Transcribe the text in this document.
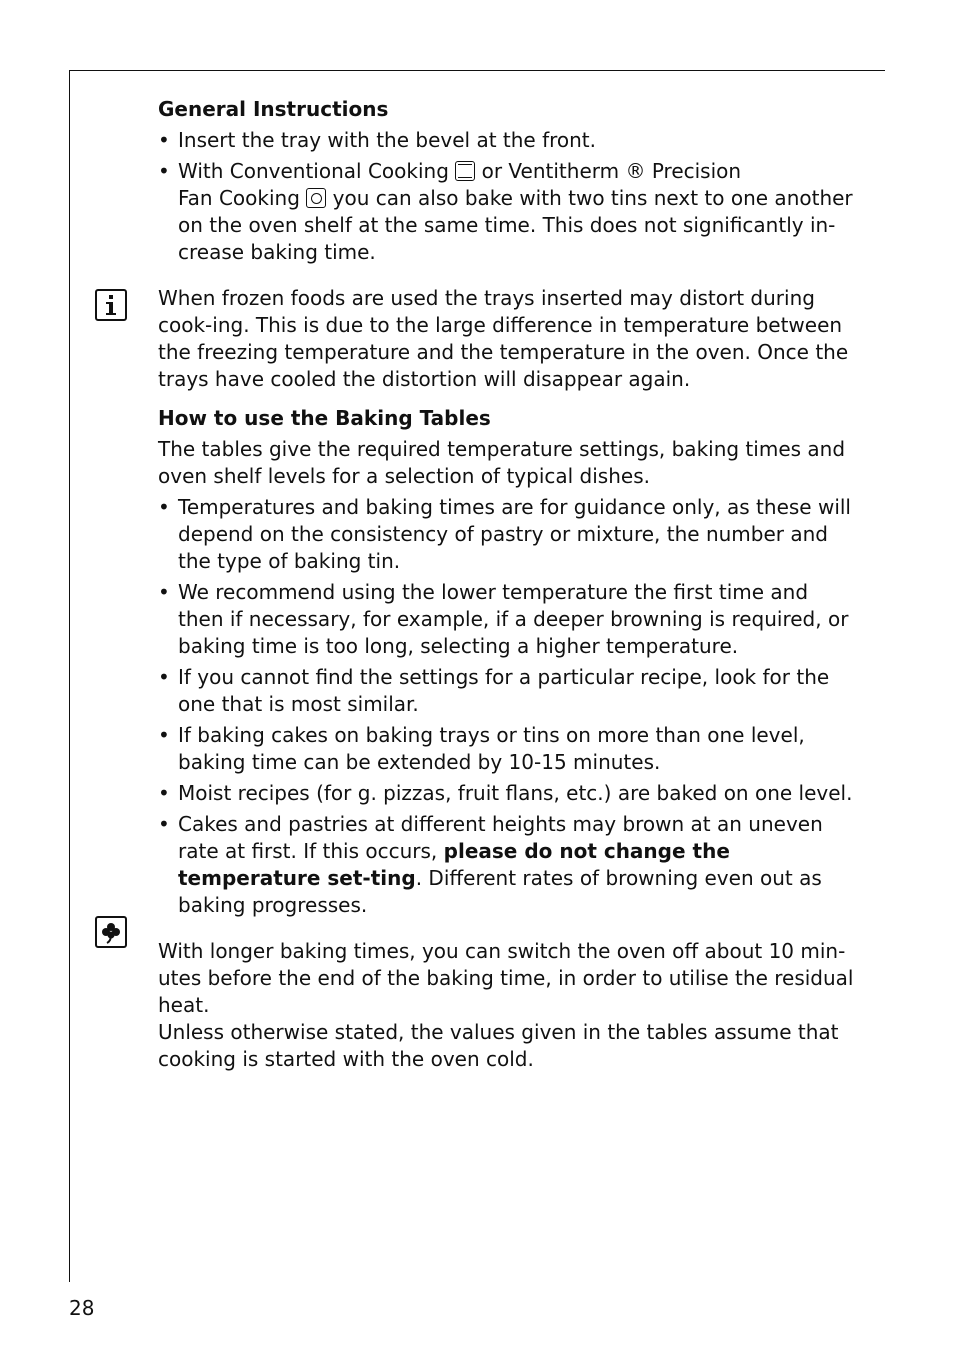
General Instructions
• Insert the tray with the bevel at the front.
• With Conventional Cooking or Ventitherm ® Precision
Fan Cooking you can also bake with two tins next to one another on the oven shelf at the same time. This does not significantly in-crease baking time.

When frozen foods are used the trays inserted may distort during cook-ing. This is due to the large difference in temperature between the freezing temperature and the temperature in the oven. Once the trays have cooled the distortion will disappear again.

How to use the Baking Tables

The tables give the required temperature settings, baking times and oven shelf levels for a selection of typical dishes.

• Temperatures and baking times are for guidance only, as these will depend on the consistency of pastry or mixture, the number and the type of baking tin.
• We recommend using the lower temperature the first time and then if necessary, for example, if a deeper browning is required, or baking time is too long, selecting a higher temperature.
• If you cannot find the settings for a particular recipe, look for the one that is most similar.
• If baking cakes on baking trays or tins on more than one level, baking time can be extended by 10-15 minutes.
• Moist recipes (for g. pizzas, fruit flans, etc.) are baked on one level.
• Cakes and pastries at different heights may brown at an uneven rate at first. If this occurs, please do not change the temperature set-ting. Different rates of browning even out as baking progresses.

With longer baking times, you can switch the oven off about 10 min-utes before the end of the baking time, in order to utilise the residual heat.

Unless otherwise stated, the values given in the tables assume that cooking is started with the oven cold.

28
